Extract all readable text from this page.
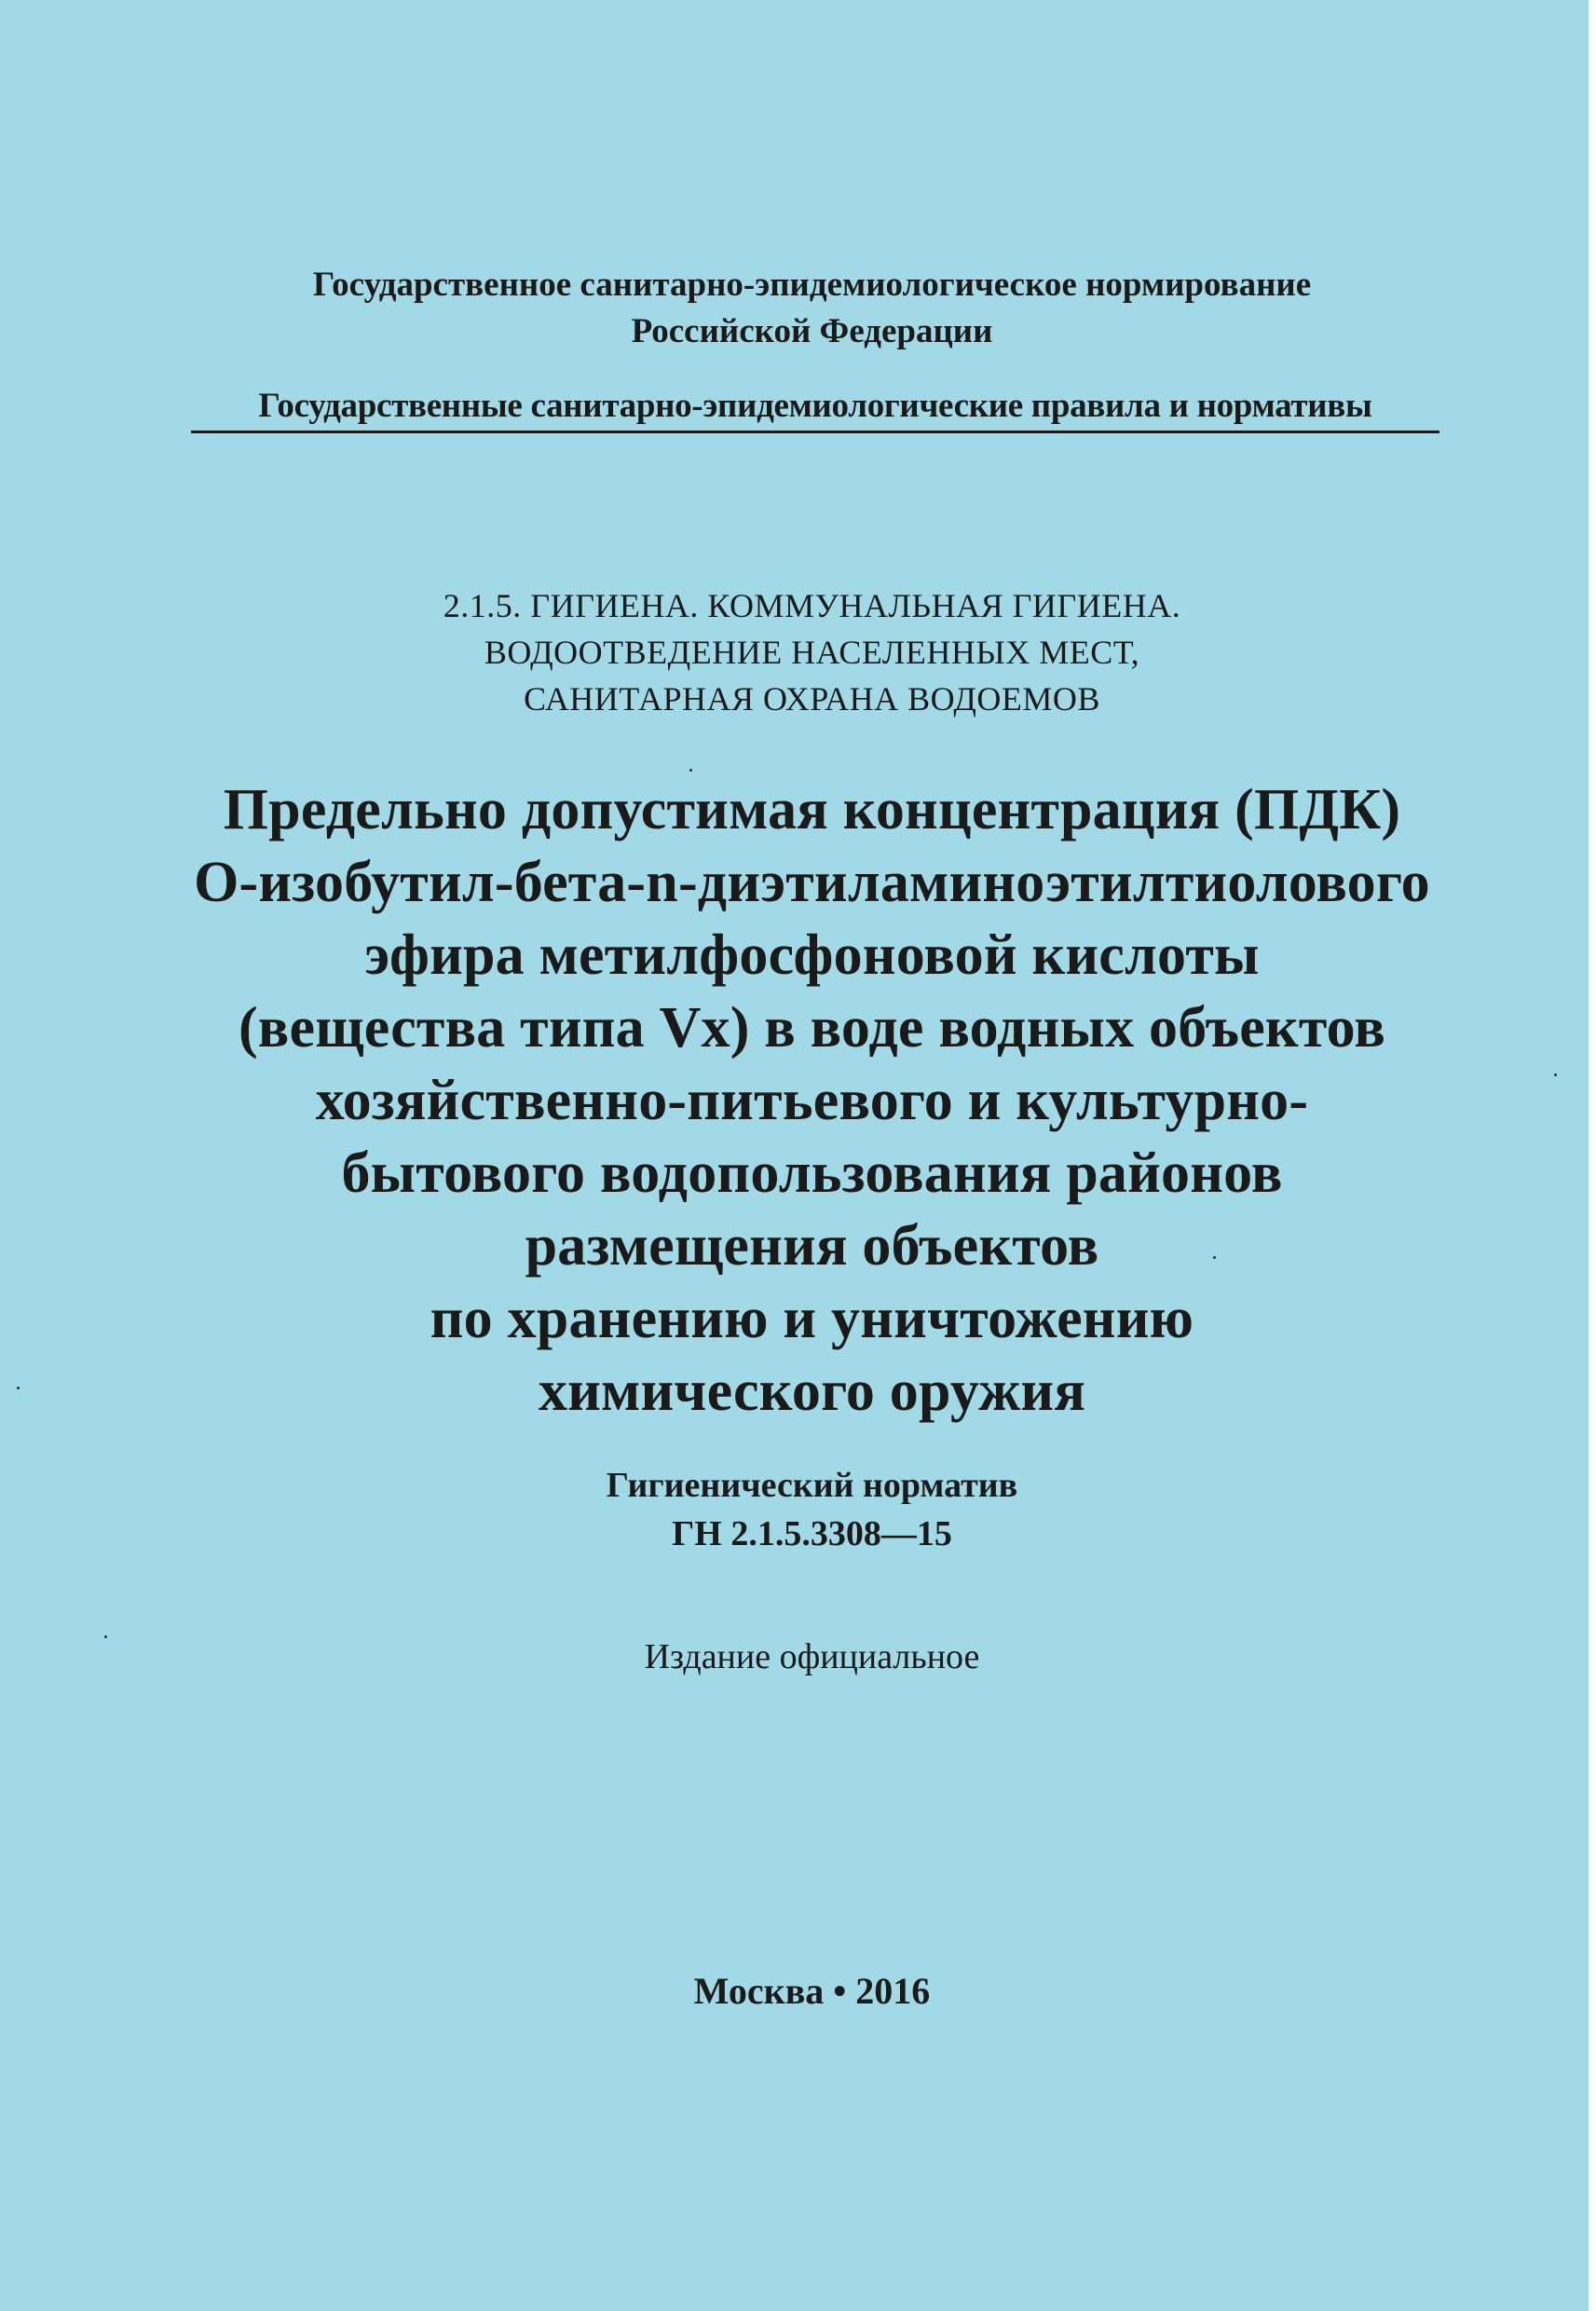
Государственное санитарно-эпидемиологическое нормирование
Российской Федерации
Государственные санитарно-эпидемиологические правила и нормативы
2.1.5. ГИГИЕНА. КОММУНАЛЬНАЯ ГИГИЕНА.
ВОДООТВЕДЕНИЕ НАСЕЛЕННЫХ МЕСТ,
САНИТАРНАЯ ОХРАНА ВОДОЕМОВ
Предельно допустимая концентрация (ПДК)
О-изобутил-бета-n-диэтиламиноэтилтиолового
эфира метилфосфоновой кислоты
(вещества типа Vx) в воде водных объектов
хозяйственно-питьевого и культурно-
бытового водопользования районов
размещения объектов
по хранению и уничтожению
химического оружия
Гигиенический норматив
ГН 2.1.5.3308—15
Издание официальное
Москва • 2016
